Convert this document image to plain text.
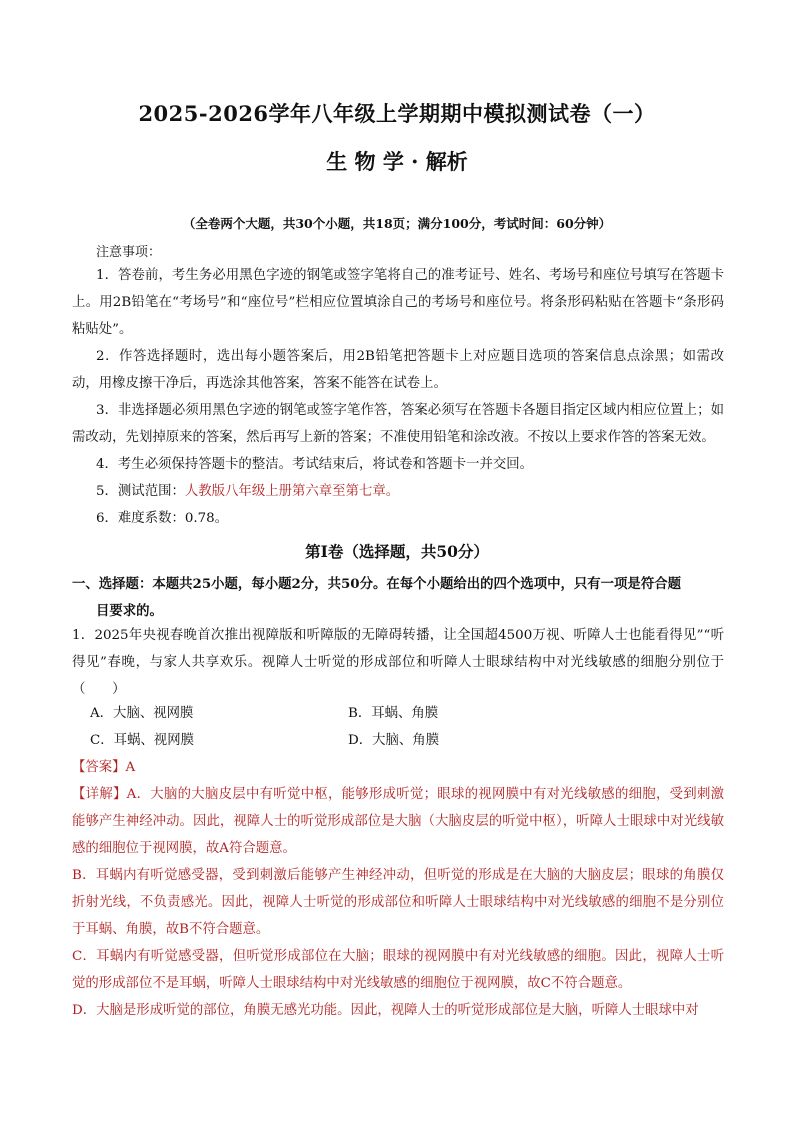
2025-2026学年八年级上学期期中模拟测试卷（一）
生 物 学 · 解析
（全卷两个大题，共30个小题，共18页；满分100分，考试时间：60分钟）
注意事项：

1．答卷前，考生务必用黑色字迹的钢笔或签字笔将自己的准考证号、姓名、考场号和座位号填写在答题卡上。用2B铅笔在“考场号”和“座位号”栏相应位置填涂自己的考场号和座位号。将条形码粘贴在答题卡“条形码粘贴处”。

2．作答选择题时，选出每小题答案后，用2B铅笔把答题卡上对应题目选项的答案信息点涂黑；如需改动，用橡皮擦干净后，再选涂其他答案，答案不能答在试卷上。

3．非选择题必须用黑色字迹的钢笔或签字笔作答，答案必须写在答题卡各题目指定区域内相应位置上；如需改动，先划掉原来的答案，然后再写上新的答案；不准使用铅笔和涂改液。不按以上要求作答的答案无效。

4．考生必须保持答题卡的整洁。考试结束后，将试卷和答题卡一并交回。

5．测试范围：人教版八年级上册第六章至第七章。

6．难度系数：0.78。

第Ⅰ卷（选择题，共50分）
一、选择题：本题共25小题，每小题2分，共50分。在每个小题给出的四个选项中，只有一项是符合题
目要求的。

1．2025年央视春晚首次推出视障版和听障版的无障碍转播，让全国超4500万视、听障人士也能看得见”“听得见”春晚，与家人共享欢乐。视障人士听觉的形成部位和听障人士眼球结构中对光线敏感的细胞分别位于（　　）

A．大脑、视网膜	B．耳蜗、角膜
C．耳蜗、视网膜	D．大脑、角膜
【答案】A

【详解】A．大脑的大脑皮层中有听觉中枢，能够形成听觉；眼球的视网膜中有对光线敏感的细胞，受到刺激能够产生神经冲动。因此，视障人士的听觉形成部位是大脑（大脑皮层的听觉中枢），听障人士眼球中对光线敏感的细胞位于视网膜，故A符合题意。

B．耳蜗内有听觉感受器，受到刺激后能够产生神经冲动，但听觉的形成是在大脑的大脑皮层；眼球的角膜仅折射光线，不负责感光。因此，视障人士听觉的形成部位和听障人士眼球结构中对光线敏感的细胞不是分别位于耳蜗、角膜，故B不符合题意。

C．耳蜗内有听觉感受器，但听觉形成部位在大脑；眼球的视网膜中有对光线敏感的细胞。因此，视障人士听觉的形成部位不是耳蜗，听障人士眼球结构中对光线敏感的细胞位于视网膜，故C不符合题意。

D．大脑是形成听觉的部位，角膜无感光功能。因此，视障人士的听觉形成部位是大脑，听障人士眼球中对
